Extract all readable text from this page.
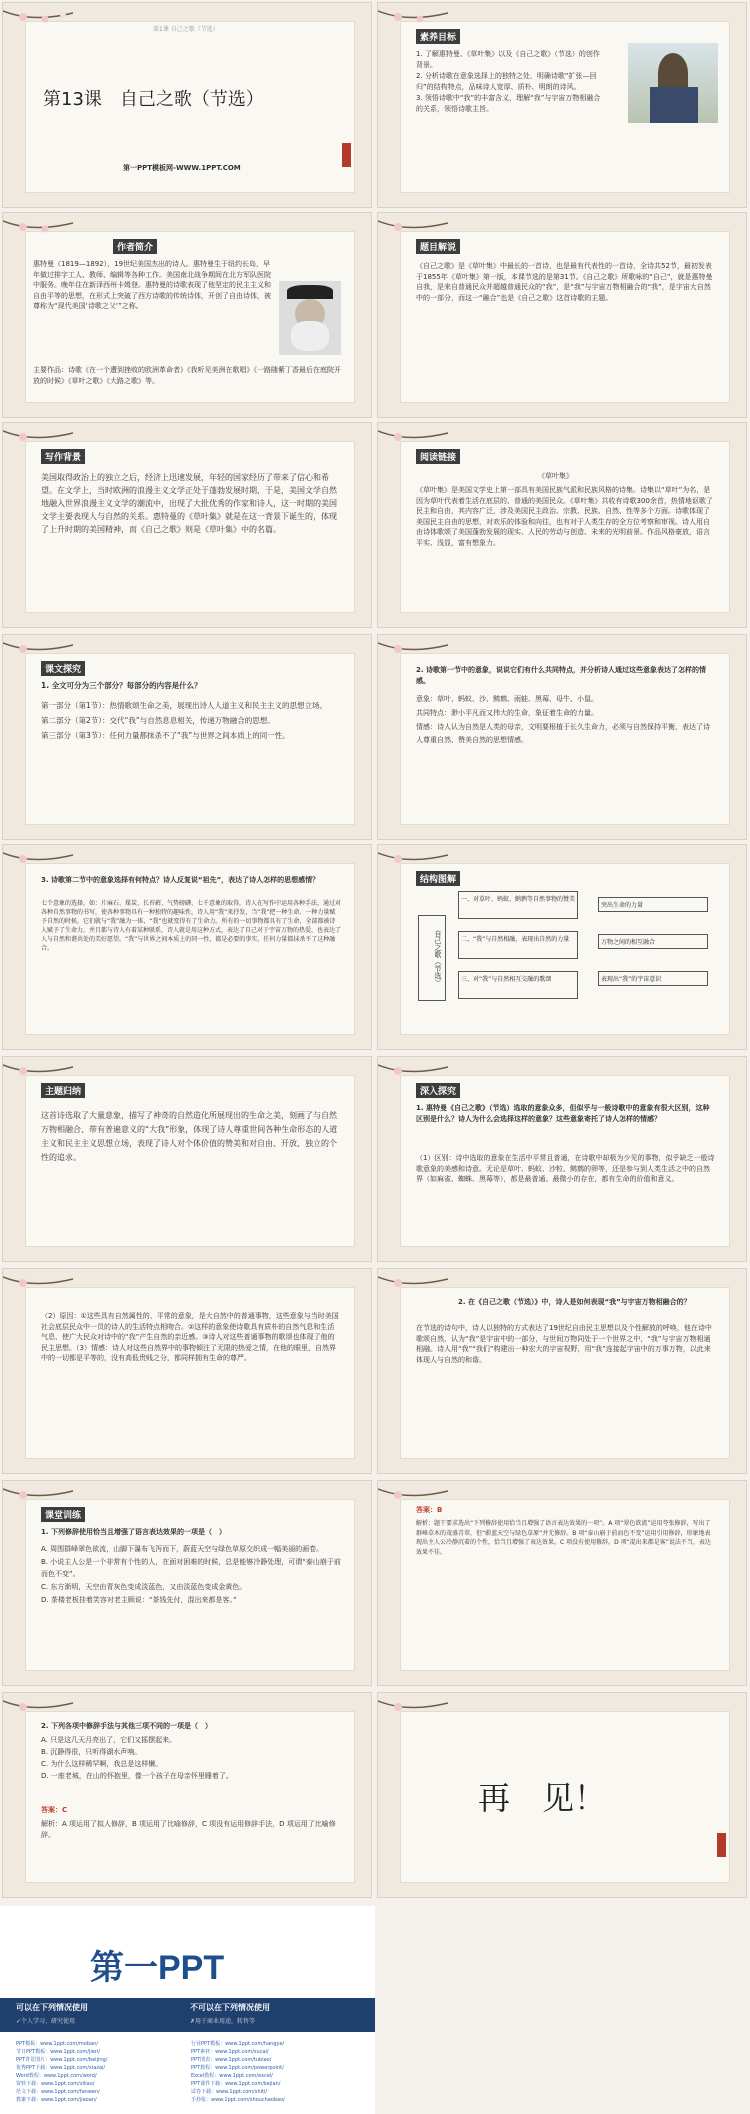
第1课 自己之歌（节选）
第13课　 自己之歌（节选）
第一PPT模板网-WWW.1PPT.COM
素养目标

1. 了解惠特曼、《草叶集》以及《自己之歌》（节选）的创作背景。

2. 分析诗歌在意象选择上的独特之处，明确诗歌“扩张—回归”的结构特点，品味诗人宽厚、质朴、明朗的诗风。

3. 领悟诗歌中“我”的丰富含义，理解“我”与宇宙万物相融合的关系，领悟诗歌主旨。

作者简介
惠特曼（1819—1892），19世纪美国杰出的诗人。惠特曼生于纽约长岛，早年做过排字工人、教师、编辑等各种工作。美国南北战争期间在北方军队医院中服务。晚年住在新泽西州卡姆登。惠特曼的诗歌表现了他坚定的民主主义和自由平等的思想，在形式上突破了西方诗歌的传统诗体，开创了自由诗体，被尊称为“现代美国‘诗歌之父’”之称。
主要作品：诗歌《在一个遭到挫败的欧洲革命者》《我听见美洲在歌唱》《一路随紫丁香最后在庭院开放的时候》《草叶之歌》《大路之歌》等。
题目解说
《自己之歌》是《草叶集》中最长的一首诗，也是最有代表性的一首诗，全诗共52节，最初发表于1855年《草叶集》第一版，本课节选的是第31节。《自己之歌》所歌咏的“自己”，就是惠特曼自我，是来自普通民众并超越普通民众的“我”，是“我”与宇宙万物相融合的“我”，是宇宙大自然中的一部分，而这一“融合”也是《自己之歌》这首诗歌的主题。
写作背景
美国取得政治上的独立之后，经济上迅速发展，年轻的国家经历了带来了信心和希望。在文学上，当时欧洲的浪漫主义文学正处于蓬勃发展时期，于是，美国文学自然地融入世界浪漫主义文学的潮流中，出现了大批优秀的作家和诗人，这一时期的美国文学主要表现人与自然的关系。惠特曼的《草叶集》就是在这一背景下诞生的，体现了上升时期的美国精神，而《自己之歌》则是《草叶集》中的名篇。
阅读链接
《草叶集》
《草叶集》是美国文学史上第一部具有美国民族气派和民族风格的诗集。诗集以“草叶”为名，是因为草叶代表着生活在底层的、普通的美国民众。《草叶集》共收有诗歌300余首，热情地讴歌了民主和自由，其内容广泛，涉及美国民主政治、宗教、民族、自然、性等多个方面。诗歌体现了美国民主自由的思想，对欢乐的体验和向往，也有对于人类生存的全方位考察和审视。诗人用自由诗体歌颂了美国蓬勃发展的现实、人民的劳动与创造、未来的光明前景。作品风格豪放，语言平实、浅显，富有想象力。
课文探究
1. 全文可分为三个部分？每部分的内容是什么？

第一部分（第1节）：热情歌颂生命之美，展现出诗人人道主义和民主主义的思想立场。

第二部分（第2节）：交代“我”与自然息息相关，传递万物融合的思想。

第三部分（第3节）：任何力量都抹杀不了“我”与世界之间本质上的同一性。

2. 诗歌第一节中的意象，说说它们有什么共同特点，并分析诗人通过这些意象表达了怎样的情感。

意象：草叶、蚂蚁、沙、鹪鹩、雨蛙、黑莓、母牛、小鼠。

共同特点：渺小平凡而又伟大的生命，象征着生命的力量。

情感：诗人认为自然是人类的母亲，文明要根植于长久生命力，必须与自然保持平衡，表达了诗人尊重自然、赞美自然的思想情感。

3. 诗歌第二节中的意象选择有何特点？诗人反复说“祖先”，表达了诗人怎样的思想感情？
七个意象的选择，如：片麻石、煤炭、长苔藓、气势磅礴、七千意象的取得，诗人在写作中运用各种手法，通过对各种自然事物的书写，使各种事物具有一种独特的趣味性，诗人用“我”来抒发，当“我”把一种生命、一种力量赋予自然的时候，它们就与“我”融为一体，“我”也就变得有了生命力。所有的一切事物都具有了生命，全部都被诗人赋予了生命力，并且都与诗人有着某种联系，诗人就是用这种方式，表达了自己对于宇宙万物的热爱，也表达了人与自然和谐共处的美好愿望。“我”与世界之间本质上的同一性，都是必要的事实，任何力量都抹杀不了这种融合。
结构图解
自己之歌（节选）
一、对草叶、蚂蚁、鹪鹩等自然事物的赞美
二、“我”与自然相融，表现出自然的力量
三、对“我”与自然相互交融的歌颂
突出生命的力量
万物之间的相互融合
表现出“我”的宇宙意识
主题归纳
这首诗选取了大量意象，描写了神奇的自然造化所展现出的生命之美，刻画了与自然万物相融合、带有普遍意义的“大我”形象，体现了诗人尊重世间各种生命形态的人道主义和民主主义思想立场，表现了诗人对个体价值的赞美和对自由、开放、独立的个性的追求。
深入探究
1. 惠特曼《自己之歌》（节选）选取的意象众多，但似乎与一般诗歌中的意象有很大区别，这种区别是什么？诗人为什么会选择这样的意象？这些意象寄托了诗人怎样的情感？
（1）区别：诗中选取的意象在生活中平常且普通，在诗歌中却极为少见的事物，似乎缺乏一般诗歌意象的美感和诗意。无论是草叶、蚂蚁、沙粒、鹪鹩的卵等，还是参与到人类生活之中的自然界（如麻雀、蜘蛛、黑莓等），都是最普通、最微小的存在，都有生命的价值和意义。
2. 在《自己之歌（节选）》中，诗人是如何表现“我”与宇宙万物相融合的？
在节选的诗句中，诗人以独特的方式表达了19世纪自由民主思想以及个性解放的呼唤，他在诗中歌颂自然，认为“我”是宇宙中的一部分，与世间万物同处于一个世界之中，“我”与宇宙万物相通相融。诗人用“我”“我们”构建出一种宏大的宇宙视野，用“我”连接起宇宙中的万事万物，以此来体现人与自然的和谐。
（2）原因：①这些具有自然属性的、平常的意象，是大自然中的普通事物，这些意象与当时美国社会底层民众中一员的诗人的生活特点相吻合。②这样的意象使诗歌具有质朴的自然气息和生活气息，使广大民众对诗中的“我”产生自然的亲近感。③诗人对这些普通事物的歌颂也体现了他的民主思想。（3）情感：诗人对这些自然界中的事物倾注了无限的热爱之情，在他的眼里，自然界中的一切都是平等的，没有高低贵贱之分，都同样拥有生命的尊严。
课堂训练
1. 下列修辞使用恰当且增强了语言表达效果的一项是（　）

A. 周围群峰翠色欲流，山脚下瀑布飞泻而下，蔚蓝天空与绿色草原交织成一幅美丽的画卷。

B. 小说主人公是一个非常有个性的人，在面对困难的时候，总是能够冷静处理，可谓“泰山崩于前而色不变”。

C. 东方渐明，天空由青灰色变成淡蓝色，又由淡蓝色变成金黄色。

D. 茶楼老板挂着笑容对老主顾说：“茶钱先付，混出来都是客。”

答案：B
解析：题干要求选出“下列修辞使用恰当且增强了语言表达效果的一项”。A 项“翠色欲流”运用夸张修辞，写出了群峰草木的茂盛青翠，但“蔚蓝天空与绿色草原”并无修辞。B 项“泰山崩于前而色不变”运用引用修辞，形象地表现出主人公冷静沉着的个性，恰当且增强了表达效果。C 项没有使用修辞。D 项“混出来都是客”说法不当，表达效果不佳。
2. 下列各项中修辞手法与其他三项不同的一项是（　）

A. 只是这几天月亮出了，它们又摇摆起来。

B. 沉静得很，只听得湖水声响。

C. 为什么这样稀罕啊，我总是这样懒。

D. 一座老城，在山的怀抱里，像一个孩子在母亲怀里睡着了。

答案：C
解析：A 项运用了拟人修辞，B 项运用了比喻修辞，C 项没有运用修辞手法，D 项运用了比喻修辞。
再　见！
第一PPT
可以在下列情况使用
✓个人学习、研究使用
不可以在下列情况使用
✗用于商业用途，转售等
PPT模板：www.1ppt.com/moban/	行业PPT模板：www.1ppt.com/hangye/
节日PPT模板：www.1ppt.com/jieri/	PPT素材：www.1ppt.com/sucai/
PPT背景图片：www.1ppt.com/beijing/	PPT图表：www.1ppt.com/tubiao/
优秀PPT下载：www.1ppt.com/xiazai/	PPT教程：www.1ppt.com/powerpoint/
Word教程：www.1ppt.com/word/	Excel教程：www.1ppt.com/excel/
资料下载：www.1ppt.com/ziliao/	PPT课件下载：www.1ppt.com/kejian/
范文下载：www.1ppt.com/fanwen/	试卷下载：www.1ppt.com/shiti/
教案下载：www.1ppt.com/jiaoan/	手抄报：www.1ppt.com/shouchaobao/
